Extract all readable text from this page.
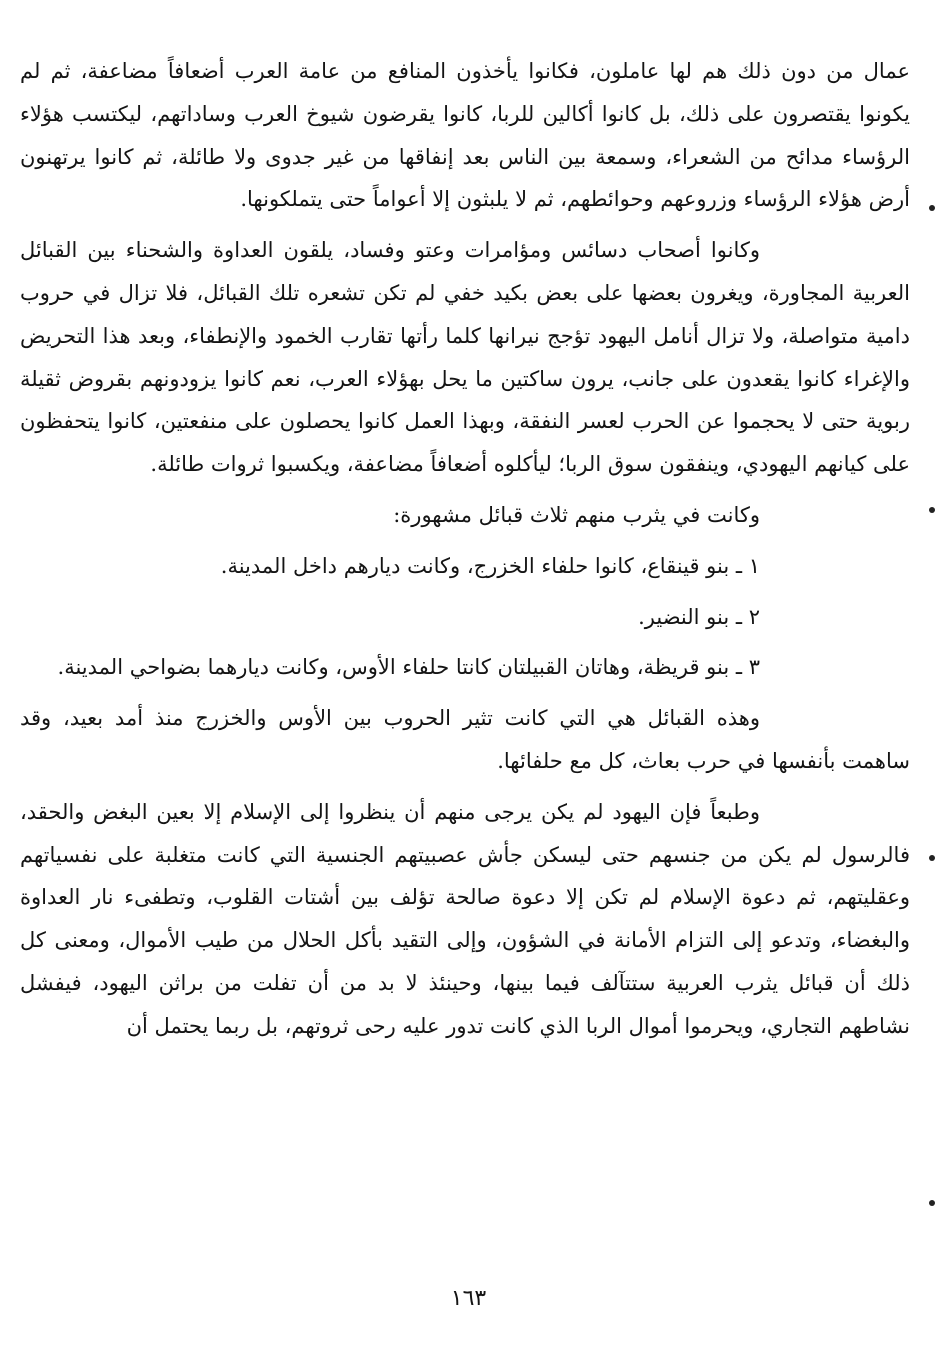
عمال من دون ذلك هم لها عاملون، فكانوا يأخذون المنافع من عامة العرب أضعافاً مضاعفة، ثم لم يكونوا يقتصرون على ذلك، بل كانوا أكالين للربا، كانوا يقرضون شيوخ العرب وساداتهم، ليكتسب هؤلاء الرؤساء مدائح من الشعراء، وسمعة بين الناس بعد إنفاقها من غير جدوى ولا طائلة، ثم كانوا يرتهنون أرض هؤلاء الرؤساء وزروعهم وحوائطهم، ثم لا يلبثون إلا أعواماً حتى يتملكونها.

وكانوا أصحاب دسائس ومؤامرات وعتو وفساد، يلقون العداوة والشحناء بين القبائل العربية المجاورة، ويغرون بعضها على بعض بكيد خفي لم تكن تشعره تلك القبائل، فلا تزال في حروب دامية متواصلة، ولا تزال أنامل اليهود تؤجج نيرانها كلما رأتها تقارب الخمود والإنطفاء، وبعد هذا التحريض والإغراء كانوا يقعدون على جانب، يرون ساكتين ما يحل بهؤلاء العرب، نعم كانوا يزودونهم بقروض ثقيلة ربوية حتى لا يحجموا عن الحرب لعسر النفقة، وبهذا العمل كانوا يحصلون على منفعتين، كانوا يتحفظون على كيانهم اليهودي، وينفقون سوق الربا؛ ليأكلوه أضعافاً مضاعفة، ويكسبوا ثروات طائلة.

وكانت في يثرب منهم ثلاث قبائل مشهورة:

١ ـ بنو قينقاع، كانوا حلفاء الخزرج، وكانت ديارهم داخل المدينة.

٢ ـ بنو النضير.

٣ ـ بنو قريظة، وهاتان القبيلتان كانتا حلفاء الأوس، وكانت ديارهما بضواحي المدينة.

وهذه القبائل هي التي كانت تثير الحروب بين الأوس والخزرج منذ أمد بعيد، وقد ساهمت بأنفسها في حرب بعاث، كل مع حلفائها.

وطبعاً فإن اليهود لم يكن يرجى منهم أن ينظروا إلى الإسلام إلا بعين البغض والحقد، فالرسول لم يكن من جنسهم حتى ليسكن جأش عصبيتهم الجنسية التي كانت متغلبة على نفسياتهم وعقليتهم، ثم دعوة الإسلام لم تكن إلا دعوة صالحة تؤلف بين أشتات القلوب، وتطفىء نار العداوة والبغضاء، وتدعو إلى التزام الأمانة في الشؤون، وإلى التقيد بأكل الحلال من طيب الأموال، ومعنى كل ذلك أن قبائل يثرب العربية ستتآلف فيما بينها، وحينئذ لا بد من أن تفلت من براثن اليهود، فيفشل نشاطهم التجاري، ويحرموا أموال الربا الذي كانت تدور عليه رحى ثروتهم، بل ربما يحتمل أن

١٦٣
